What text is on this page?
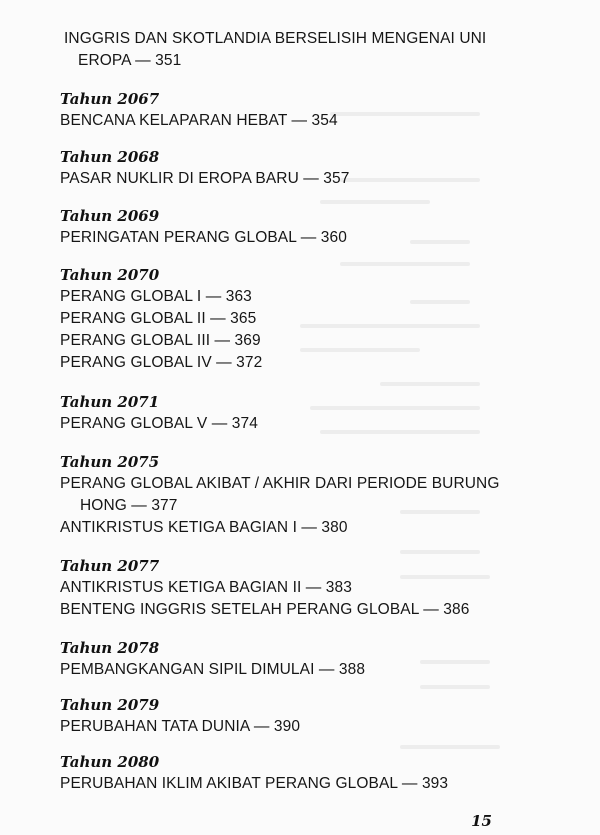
INGGRIS DAN SKOTLANDIA BERSELISIH MENGENAI UNI
EROPA — 351
Tahun 2067
BENCANA KELAPARAN HEBAT — 354
Tahun 2068
PASAR NUKLIR DI EROPA BARU — 357
Tahun 2069
PERINGATAN PERANG GLOBAL — 360
Tahun 2070
PERANG GLOBAL I — 363
PERANG GLOBAL II — 365
PERANG GLOBAL III — 369
PERANG GLOBAL IV — 372
Tahun 2071
PERANG GLOBAL V — 374
Tahun 2075
PERANG GLOBAL AKIBAT / AKHIR DARI PERIODE BURUNG
HONG — 377
ANTIKRISTUS KETIGA BAGIAN I — 380
Tahun 2077
ANTIKRISTUS KETIGA BAGIAN II — 383
BENTENG INGGRIS SETELAH PERANG GLOBAL — 386
Tahun 2078
PEMBANGKANGAN SIPIL DIMULAI — 388
Tahun 2079
PERUBAHAN TATA DUNIA — 390
Tahun 2080
PERUBAHAN IKLIM AKIBAT PERANG GLOBAL — 393
15
